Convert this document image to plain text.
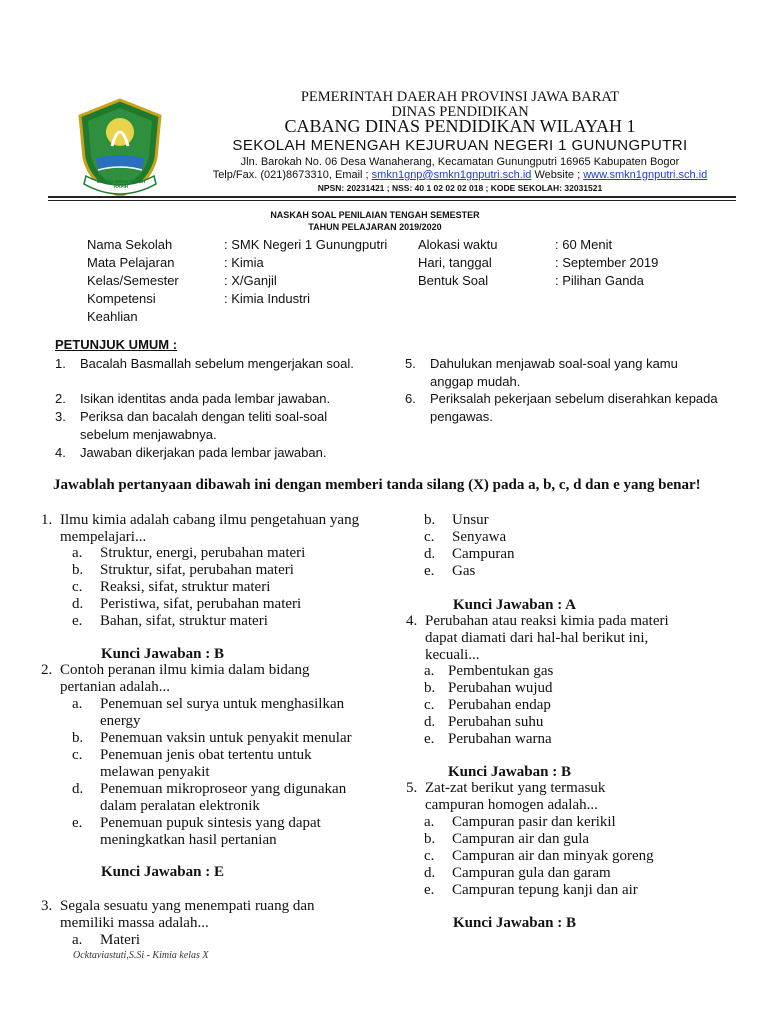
GEMAH RIPAH REPEH RAPIH
PEMERINTAH DAERAH PROVINSI JAWA BARAT
DINAS PENDIDIKAN
CABANG DINAS PENDIDIKAN WILAYAH 1
SEKOLAH MENENGAH KEJURUAN NEGERI 1 GUNUNGPUTRI
Jln. Barokah No. 06 Desa Wanaherang, Kecamatan Gunungputri 16965 Kabupaten Bogor
Telp/Fax. (021)8673310, Email ; smkn1gnp@smkn1gnputri.sch.id Website ; www.smkn1gnputri.sch.id
NPSN: 20231421 ; NSS: 40 1 02 02 02 018 ; KODE SEKOLAH: 32031521
NASKAH SOAL PENILAIAN TENGAH SEMESTER
TAHUN PELAJARAN 2019/2020
Nama Sekolah	: SMK Negeri 1 Gunungputri
Mata Pelajaran	: Kimia
Kelas/Semester	: X/Ganjil
Kompetensi	: Kimia Industri
Keahlian
Alokasi waktu	: 60 Menit
Hari, tanggal	: September 2019
Bentuk Soal	: Pilihan Ganda
PETUNJUK UMUM :
1. Bacalah Basmallah sebelum mengerjakan soal.
2. Isikan identitas anda pada lembar jawaban.
3. Periksa dan bacalah dengan teliti soal-soal sebelum menjawabnya.
4. Jawaban dikerjakan pada lembar jawaban.
5. Dahulukan menjawab soal-soal yang kamu anggap mudah.
6. Periksalah pekerjaan sebelum diserahkan kepada pengawas.
Jawablah pertanyaan dibawah ini dengan memberi tanda silang (X) pada a, b, c, d dan e yang benar!
1. Ilmu kimia adalah cabang ilmu pengetahuan yang mempelajari...
a. Struktur, energi, perubahan materi
b. Struktur, sifat, perubahan materi
c. Reaksi, sifat, struktur materi
d. Peristiwa, sifat, perubahan materi
e. Bahan, sifat, struktur materi
Kunci Jawaban : B
2. Contoh peranan ilmu kimia dalam bidang pertanian adalah...
a. Penemuan sel surya untuk menghasilkan energy
b. Penemuan vaksin untuk penyakit menular
c. Penemuan jenis obat tertentu untuk melawan penyakit
d. Penemuan mikroproseor yang digunakan dalam peralatan elektronik
e. Penemuan pupuk sintesis yang dapat meningkatkan hasil pertanian
Kunci Jawaban : E
3. Segala sesuatu yang menempati ruang dan memiliki massa adalah...
a. Materi
b. Unsur
c. Senyawa
d. Campuran
e. Gas
Kunci Jawaban : A
4. Perubahan atau reaksi kimia pada materi dapat diamati dari hal-hal berikut ini, kecuali...
a. Pembentukan gas
b. Perubahan wujud
c. Perubahan endap
d. Perubahan suhu
e. Perubahan warna
Kunci Jawaban : B
5. Zat-zat berikut yang termasuk campuran homogen adalah...
a. Campuran pasir dan kerikil
b. Campuran air dan gula
c. Campuran air dan minyak goreng
d. Campuran gula dan garam
e. Campuran tepung kanji dan air
Kunci Jawaban : B
Ocktaviastuti,S.Si - Kimia kelas X
